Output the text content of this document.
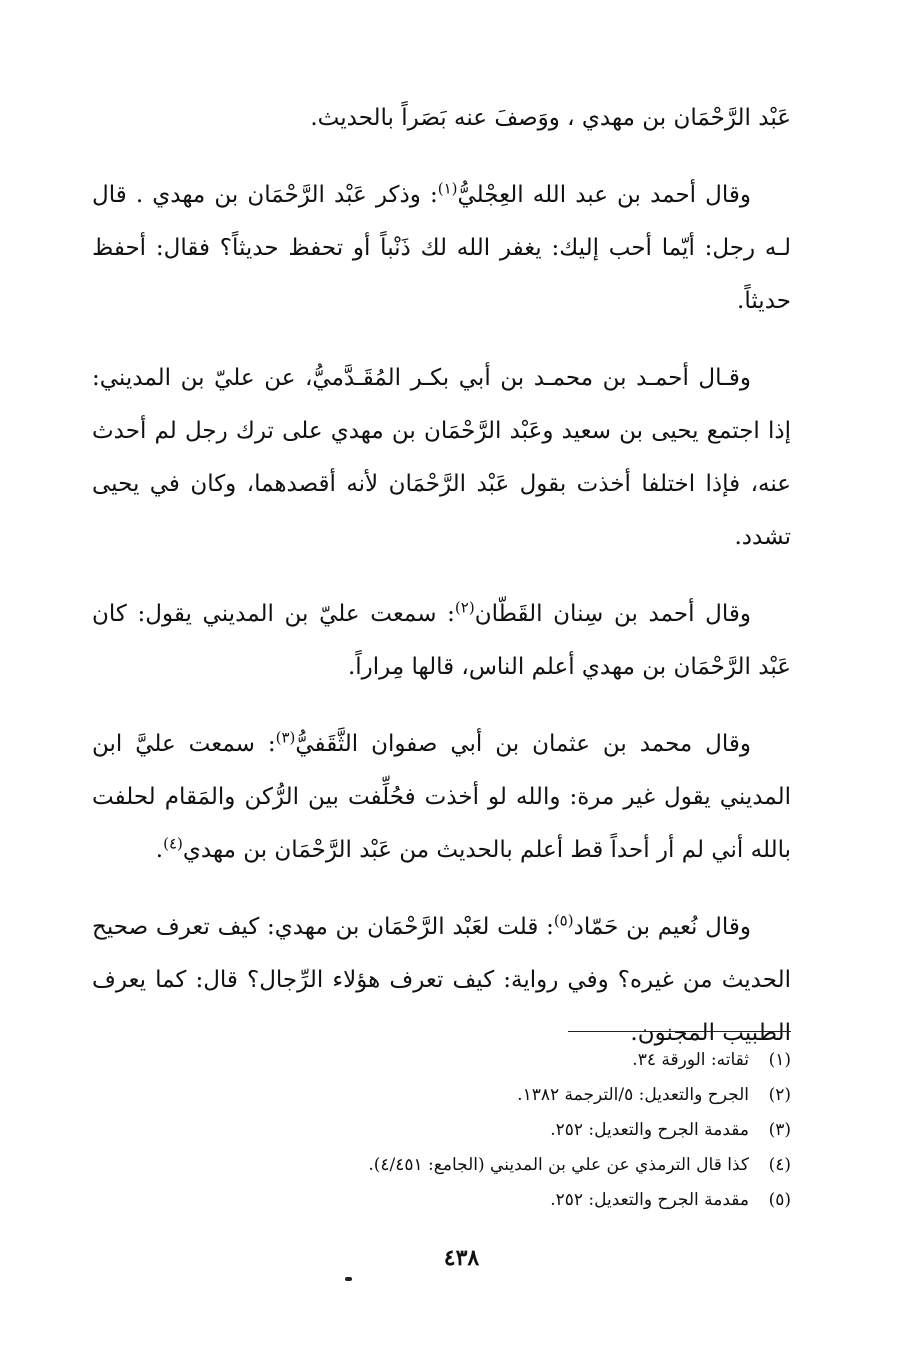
عَبْد الرَّحْمَان بن مهدي ، ووَصفَ عنه بَصَراً بالحديث.

وقال أحمد بن عبد الله العِجْليُّ$^{(١)}$: وذكر عَبْد الرَّحْمَان بن مهدي . قال لـه رجل: أيّما أحب إليك: يغفر الله لك ذَنْباً أو تحفظ حديثاً؟ فقال: أحفظ حديثاً.

وقـال أحمـد بن محمـد بن أبي بكـر المُقَـدَّميُّ، عن عليّ بن المديني: إذا اجتمع يحيى بن سعيد وعَبْد الرَّحْمَان بن مهدي على ترك رجل لم أحدث عنه، فإذا اختلفا أخذت بقول عَبْد الرَّحْمَان لأنه أقصدهما، وكان في يحيى تشدد.

وقال أحمد بن سِنان القَطّان$^{(٢)}$: سمعت عليّ بن المديني يقول: كان عَبْد الرَّحْمَان بن مهدي أعلم الناس، قالها مِراراً.

وقال محمد بن عثمان بن أبي صفوان الثَّقَفيُّ$^{(٣)}$: سمعت عليَّ ابن المديني يقول غير مرة: والله لو أخذت فحُلِّفت بين الرُّكن والمَقام لحلفت بالله أني لم أر أحداً قط أعلم بالحديث من عَبْد الرَّحْمَان بن مهدي$^{(٤)}$.

وقال نُعيم بن حَمّاد$^{(٥)}$: قلت لعَبْد الرَّحْمَان بن مهدي: كيف تعرف صحيح الحديث من غيره؟ وفي رواية: كيف تعرف هؤلاء الرِّجال؟ قال: كما يعرف الطبيب المجنون.

(١)
ثقاته: الورقة ٣٤.
(٢)
الجرح والتعديل: ٥/الترجمة ١٣٨٢.
(٣)
مقدمة الجرح والتعديل: ٢٥٢.
(٤)
كذا قال الترمذي عن علي بن المديني (الجامع: ٤/٤٥١).
(٥)
مقدمة الجرح والتعديل: ٢٥٢.
٤٣٨
